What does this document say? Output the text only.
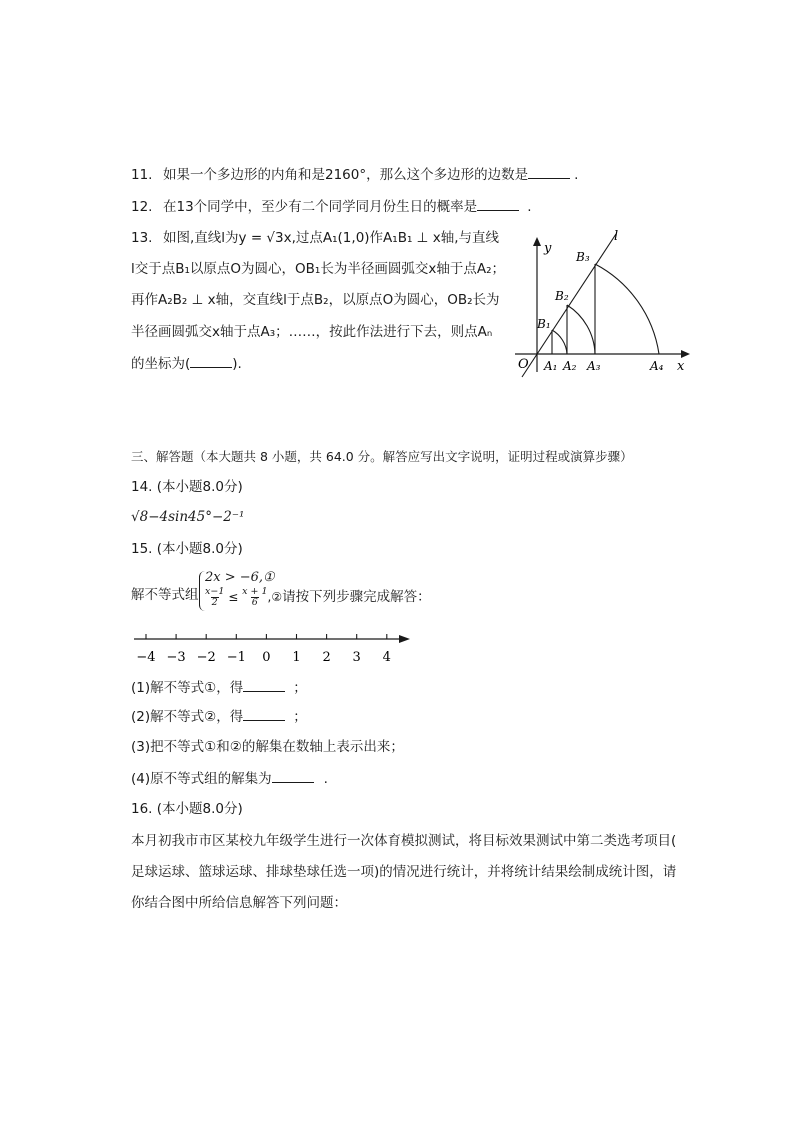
11. 如果一个多边形的内角和是2160°，那么这个多边形的边数是	.
12. 在13个同学中，至少有二个同学同月份生日的概率是	.
13. 如图,直线l为y = √3x,过点A₁(1,0)作A₁B₁ ⊥ x轴,与直线
l交于点B₁以原点O为圆心，OB₁长为半径画圆弧交x轴于点A₂；
再作A₂B₂ ⊥ x轴，交直线l于点B₂，以原点O为圆心，OB₂长为
半径画圆弧交x轴于点A₃；……，按此作法进行下去，则点Aₙ
的坐标为(	).
l
y
x
O
B₁
B₂
B₃
A₁ A₂ A₃	A₄
三、解答题（本大题共 8 小题，共 64.0 分。解答应写出文字说明，证明过程或演算步骤）
14. (本小题8.0分)
√8−4sin45°−2⁻¹
15. (本小题8.0分)
解不等式组
2x > −6,①
$\frac{x-1}{2} \le \frac{x + 1}{6}$ ,②请按下列步骤完成解答：
−4 −3 −2 −1 0 1 2 3 4
(1)解不等式①，得	；
(2)解不等式②，得	；
(3)把不等式①和②的解集在数轴上表示出来；
(4)原不等式组的解集为	.
16. (本小题8.0分)
本月初我市市区某校九年级学生进行一次体育模拟测试，将目标效果测试中第二类选考项目(
足球运球、篮球运球、排球垫球任选一项)的情况进行统计，并将统计结果绘制成统计图，请
你结合图中所给信息解答下列问题：
